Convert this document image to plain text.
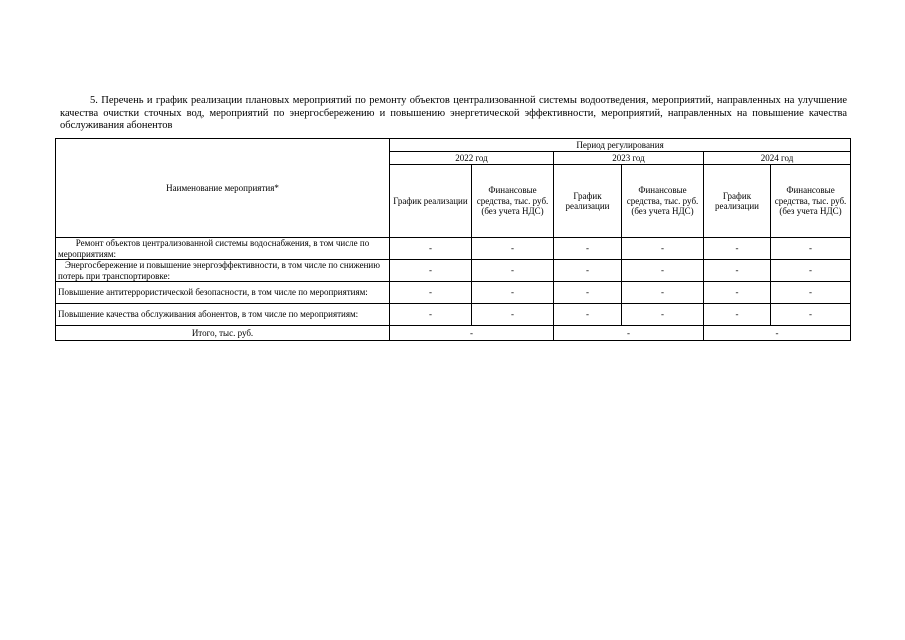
5. Перечень и график реализации плановых мероприятий по ремонту объектов централизованной системы водоотведения, мероприятий, направленных на улучшение качества очистки сточных вод, мероприятий по энергосбережению и повышению энергетической эффективности, мероприятий, направленных на повышение качества обслуживания абонентов

Наименование мероприятия*	Период регулирования					
	2022 год		2023 год		2024 год	
	График реализации	Финансовые средства, тыс. руб. (без учета НДС)	График реализации	Финансовые средства, тыс. руб. (без учета НДС)	График реализации	Финансовые средства, тыс. руб. (без учета НДС)
Ремонт объектов централизованной системы водоснабжения, в том числе по мероприятиям:	-	-	-	-	-	-
Энергосбережение и повышение энергоэффективности, в том числе по снижению потерь при транспортировке:	-	-	-	-	-	-
Повышение антитеррористической безопасности, в том числе по мероприятиям:	-	-	-	-	-	-
Повышение качества обслуживания абонентов, в том числе по мероприятиям:	-	-	-	-	-	-
Итого, тыс. руб.	-		-		-	
